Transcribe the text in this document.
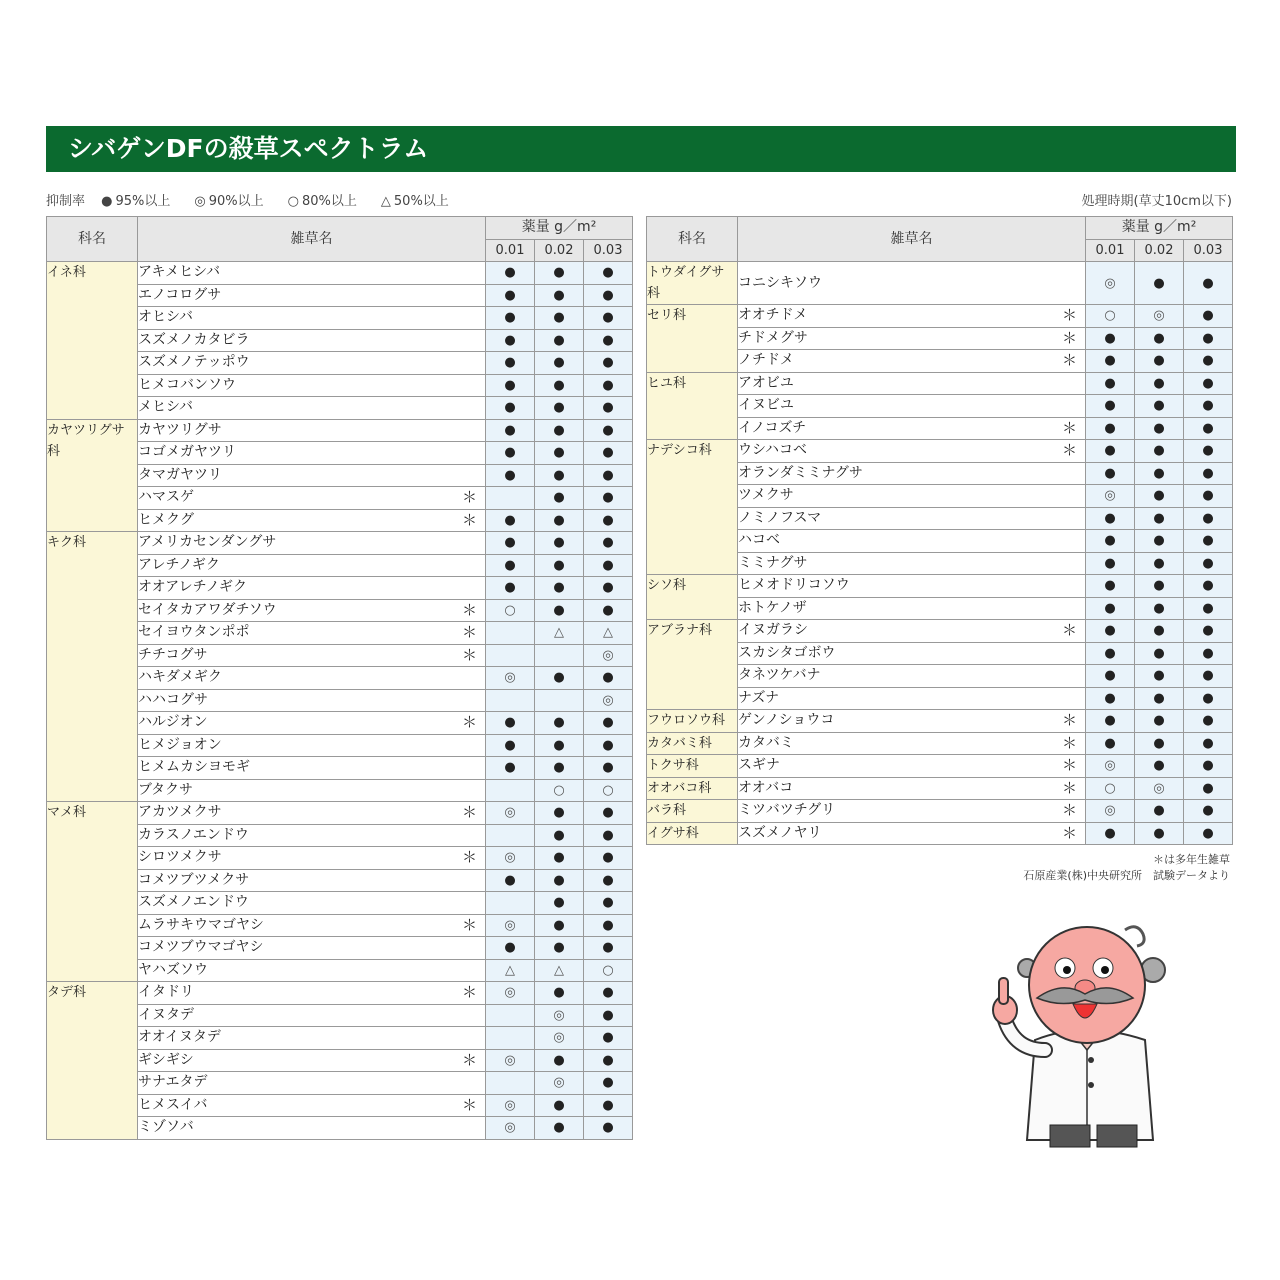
シバゲンDFの殺草スペクトラム
抑制率 ● 95%以上 ◎ 90%以上 ○ 80%以上 △ 50%以上	処理時期(草丈10cm以下)
科名	雑草名	薬量 g／m²		
		0.01	0.02	0.03
イネ科	アキメヒシバ	●	●	●
	エノコログサ	●	●	●
	オヒシバ	●	●	●
	スズメノカタビラ	●	●	●
	スズメノテッポウ	●	●	●
	ヒメコバンソウ	●	●	●
	メヒシバ	●	●	●
カヤツリグサ科	カヤツリグサ	●	●	●
	コゴメガヤツリ	●	●	●
	タマガヤツリ	●	●	●
	ハマスゲ ＊		●	●
	ヒメクグ ＊	●	●	●
キク科	アメリカセンダングサ	●	●	●
	アレチノギク	●	●	●
	オオアレチノギク	●	●	●
	セイタカアワダチソウ ＊	○	●	●
	セイヨウタンポポ ＊		△	△
	チチコグサ ＊			◎
	ハキダメギク	◎	●	●
	ハハコグサ			◎
	ハルジオン ＊	●	●	●
	ヒメジョオン	●	●	●
	ヒメムカシヨモギ	●	●	●
	ブタクサ		○	○
マメ科	アカツメクサ ＊	◎	●	●
	カラスノエンドウ		●	●
	シロツメクサ ＊	◎	●	●
	コメツブツメクサ	●	●	●
	スズメノエンドウ		●	●
	ムラサキウマゴヤシ ＊	◎	●	●
	コメツブウマゴヤシ	●	●	●
	ヤハズソウ	△	△	○
タデ科	イタドリ ＊	◎	●	●
	イヌタデ		◎	●
	オオイヌタデ		◎	●
	ギシギシ ＊	◎	●	●
	サナエタデ		◎	●
	ヒメスイバ ＊	◎	●	●
	ミゾソバ	◎	●	●
科名	雑草名	薬量 g／m²		
		0.01	0.02	0.03
トウダイグサ科	コニシキソウ	◎	●	●
セリ科	オオチドメ ＊	○	◎	●
	チドメグサ ＊	●	●	●
	ノチドメ ＊	●	●	●
ヒユ科	アオビユ	●	●	●
	イヌビユ	●	●	●
	イノコズチ ＊	●	●	●
ナデシコ科	ウシハコベ ＊	●	●	●
	オランダミミナグサ	●	●	●
	ツメクサ	◎	●	●
	ノミノフスマ	●	●	●
	ハコベ	●	●	●
	ミミナグサ	●	●	●
シソ科	ヒメオドリコソウ	●	●	●
	ホトケノザ	●	●	●
アブラナ科	イヌガラシ ＊	●	●	●
	スカシタゴボウ	●	●	●
	タネツケバナ	●	●	●
	ナズナ	●	●	●
フウロソウ科	ゲンノショウコ ＊	●	●	●
カタバミ科	カタバミ ＊	●	●	●
トクサ科	スギナ ＊	◎	●	●
オオバコ科	オオバコ ＊	○	◎	●
バラ科	ミツバツチグリ ＊	◎	●	●
イグサ科	スズメノヤリ ＊	●	●	●
＊は多年生雑草
石原産業(株)中央研究所　試験データより
